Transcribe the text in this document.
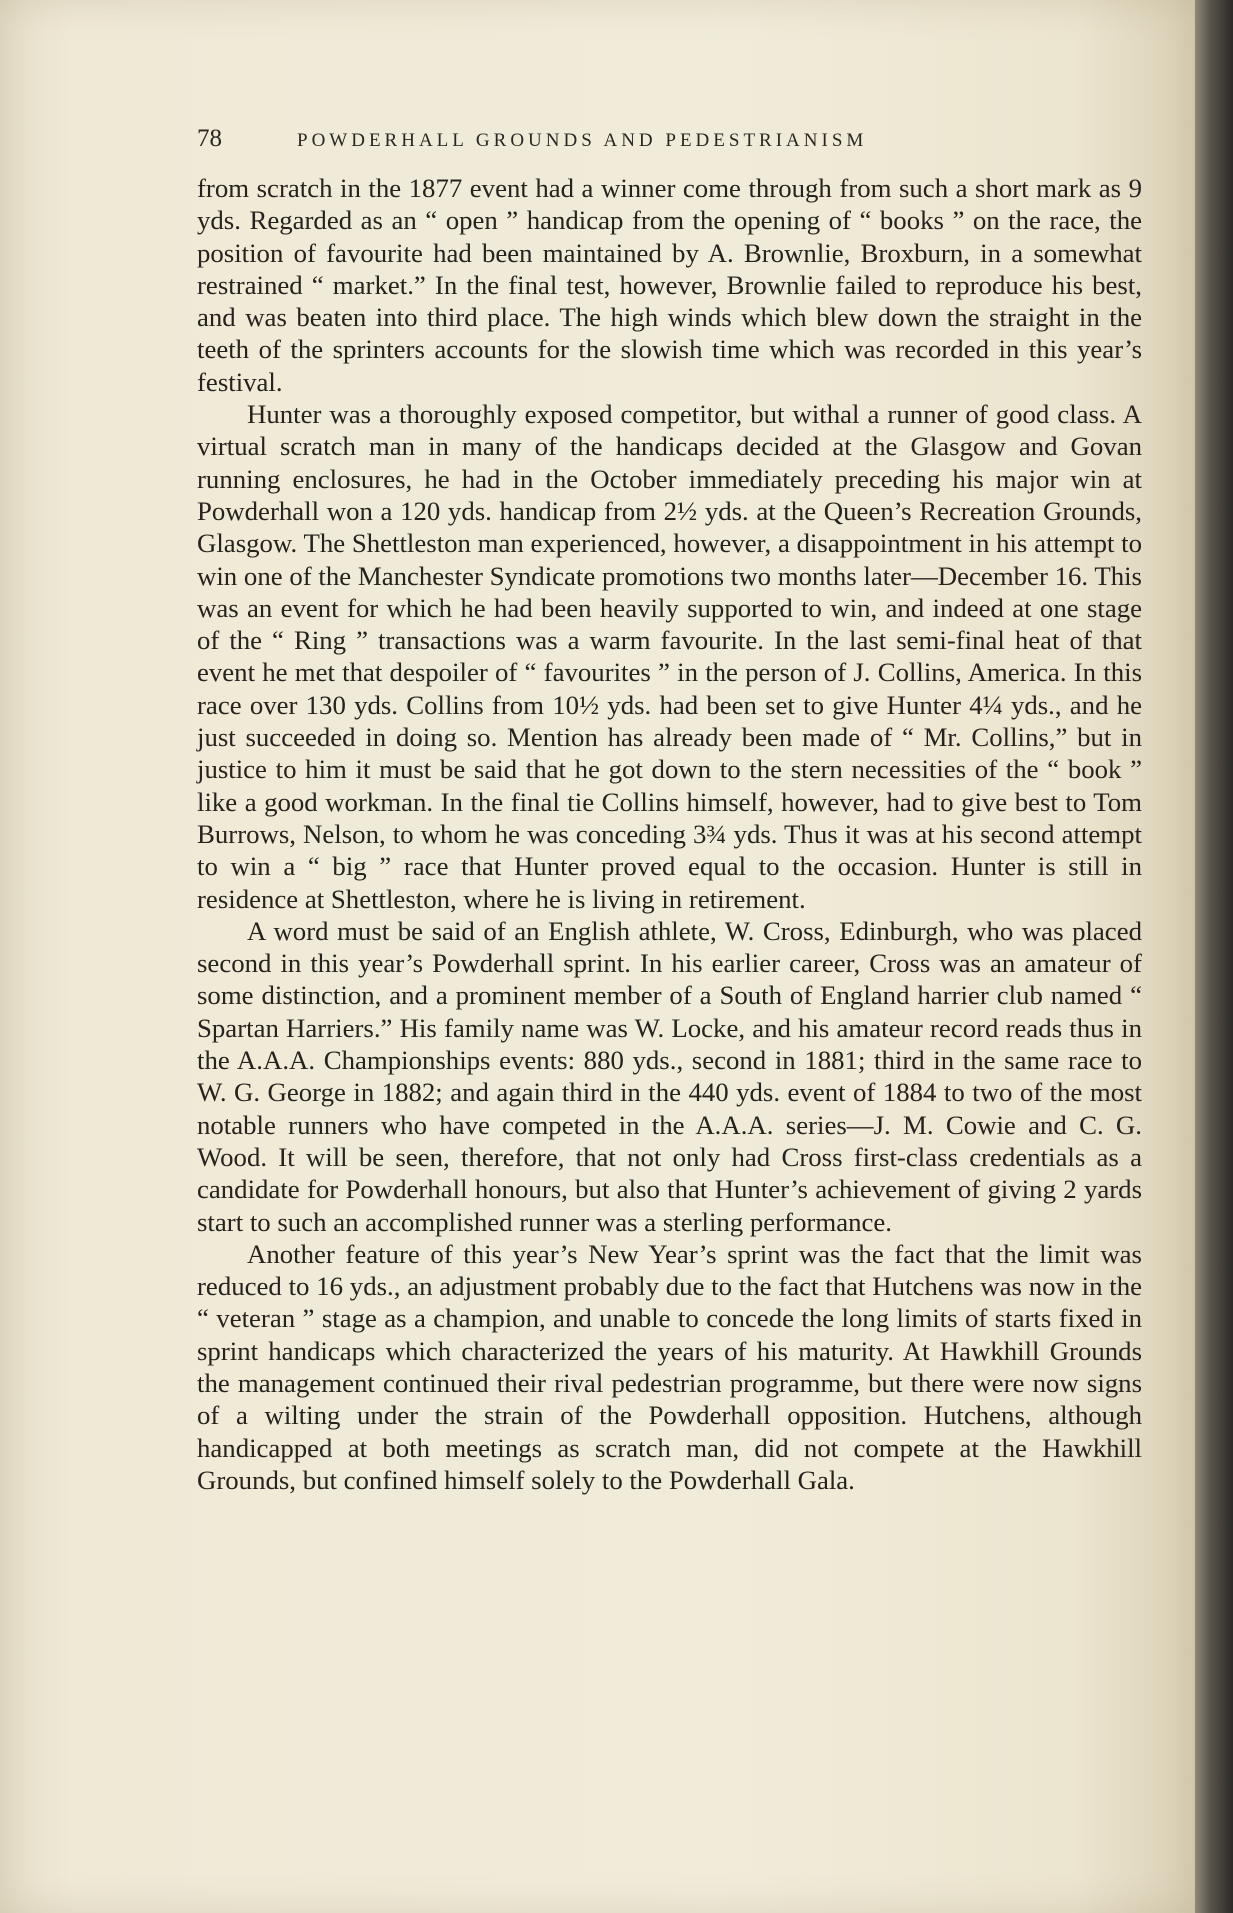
78	POWDERHALL GROUNDS AND PEDESTRIANISM

from scratch in the 1877 event had a winner come through from such a short mark as 9 yds. Regarded as an “ open ” handicap from the opening of “ books ” on the race, the position of favourite had been maintained by A. Brownlie, Broxburn, in a somewhat restrained “ market.” In the final test, however, Brownlie failed to reproduce his best, and was beaten into third place. The high winds which blew down the straight in the teeth of the sprinters accounts for the slowish time which was recorded in this year’s festival.

Hunter was a thoroughly exposed competitor, but withal a runner of good class. A virtual scratch man in many of the handicaps decided at the Glasgow and Govan running enclosures, he had in the October immediately preceding his major win at Powderhall won a 120 yds. handicap from 2½ yds. at the Queen’s Recreation Grounds, Glasgow. The Shettleston man experienced, however, a disappointment in his attempt to win one of the Manchester Syndicate promotions two months later—December 16. This was an event for which he had been heavily supported to win, and indeed at one stage of the “ Ring ” transactions was a warm favourite. In the last semi-final heat of that event he met that despoiler of “ favourites ” in the person of J. Collins, America. In this race over 130 yds. Collins from 10½ yds. had been set to give Hunter 4¼ yds., and he just succeeded in doing so. Mention has already been made of “ Mr. Collins,” but in justice to him it must be said that he got down to the stern necessities of the “ book ” like a good workman. In the final tie Collins himself, however, had to give best to Tom Burrows, Nelson, to whom he was conceding 3¾ yds. Thus it was at his second attempt to win a “ big ” race that Hunter proved equal to the occasion. Hunter is still in residence at Shettleston, where he is living in retirement.

A word must be said of an English athlete, W. Cross, Edinburgh, who was placed second in this year’s Powderhall sprint. In his earlier career, Cross was an amateur of some distinction, and a prominent member of a South of England harrier club named “ Spartan Harriers.” His family name was W. Locke, and his amateur record reads thus in the A.A.A. Championships events: 880 yds., second in 1881; third in the same race to W. G. George in 1882; and again third in the 440 yds. event of 1884 to two of the most notable runners who have competed in the A.A.A. series—J. M. Cowie and C. G. Wood. It will be seen, therefore, that not only had Cross first-class credentials as a candidate for Powderhall honours, but also that Hunter’s achievement of giving 2 yards start to such an accomplished runner was a sterling performance.

Another feature of this year’s New Year’s sprint was the fact that the limit was reduced to 16 yds., an adjustment probably due to the fact that Hutchens was now in the “ veteran ” stage as a champion, and unable to concede the long limits of starts fixed in sprint handicaps which characterized the years of his maturity. At Hawkhill Grounds the management continued their rival pedestrian programme, but there were now signs of a wilting under the strain of the Powderhall opposition. Hutchens, although handicapped at both meetings as scratch man, did not compete at the Hawkhill Grounds, but confined himself solely to the Powderhall Gala.
